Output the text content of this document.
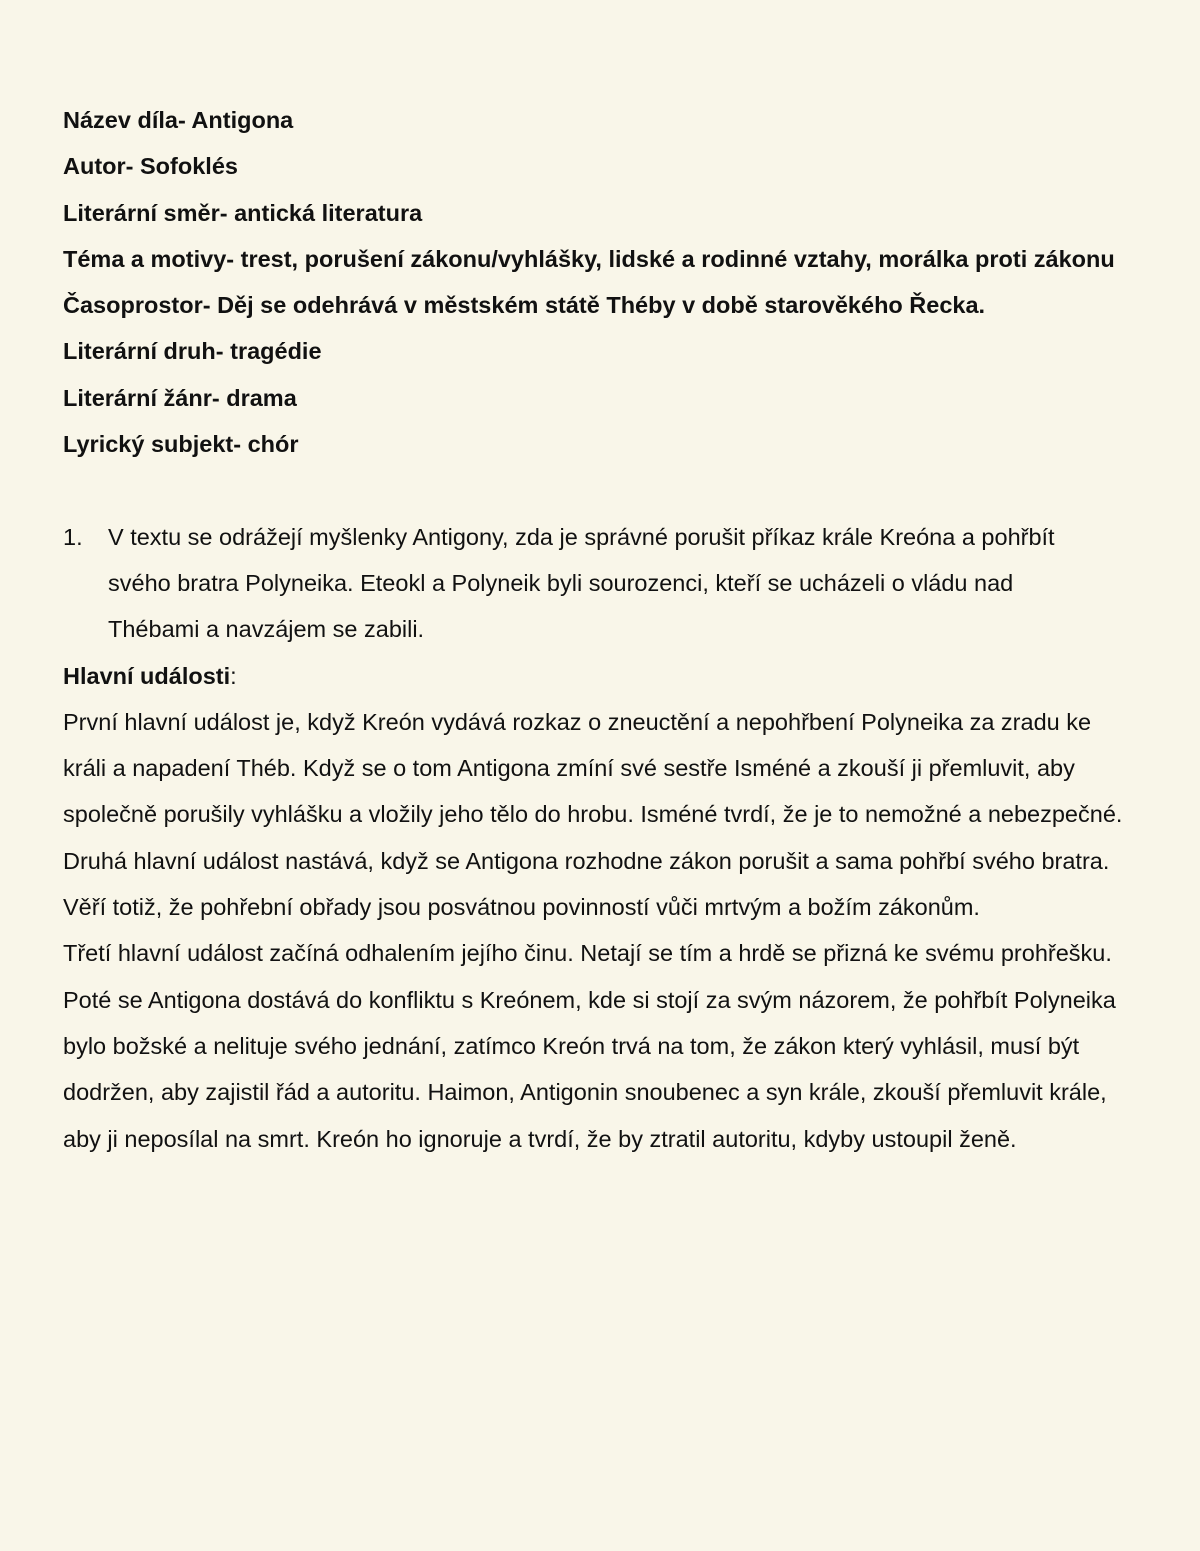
Název díla- Antigona

Autor- Sofoklés

Literární směr- antická literatura

Téma a motivy- trest, porušení zákonu/vyhlášky, lidské a rodinné vztahy, morálka proti zákonu

Časoprostor- Děj se odehrává v městském státě Théby v době starověkého Řecka.

Literární druh- tragédie

Literární žánr- drama

Lyrický subjekt- chór

1.	V textu se odrážejí myšlenky Antigony, zda je správné porušit příkaz krále Kreóna a pohřbít svého bratra Polyneika. Eteokl a Polyneik byli sourozenci, kteří se ucházeli o vládu nad Thébami a navzájem se zabili.

Hlavní události:

První hlavní událost je, když Kreón vydává rozkaz o zneuctění a nepohřbení Polyneika za zradu ke králi a napadení Théb. Když se o tom Antigona zmíní své sestře Isméné a zkouší ji přemluvit, aby společně porušily vyhlášku a vložily jeho tělo do hrobu. Isméné tvrdí, že je to nemožné a nebezpečné.

Druhá hlavní událost nastává, když se Antigona rozhodne zákon porušit a sama pohřbí svého bratra. Věří totiž, že pohřební obřady jsou posvátnou povinností vůči mrtvým a božím zákonům.

Třetí hlavní událost začíná odhalením jejího činu. Netají se tím a hrdě se přizná ke svému prohřešku. Poté se Antigona dostává do konfliktu s Kreónem, kde si stojí za svým názorem, že pohřbít Polyneika bylo božské a nelituje svého jednání, zatímco Kreón trvá na tom, že zákon který vyhlásil, musí být dodržen, aby zajistil řád a autoritu. Haimon, Antigonin snoubenec a syn krále, zkouší přemluvit krále, aby ji neposílal na smrt. Kreón ho ignoruje a tvrdí, že by ztratil autoritu, kdyby ustoupil ženě.
